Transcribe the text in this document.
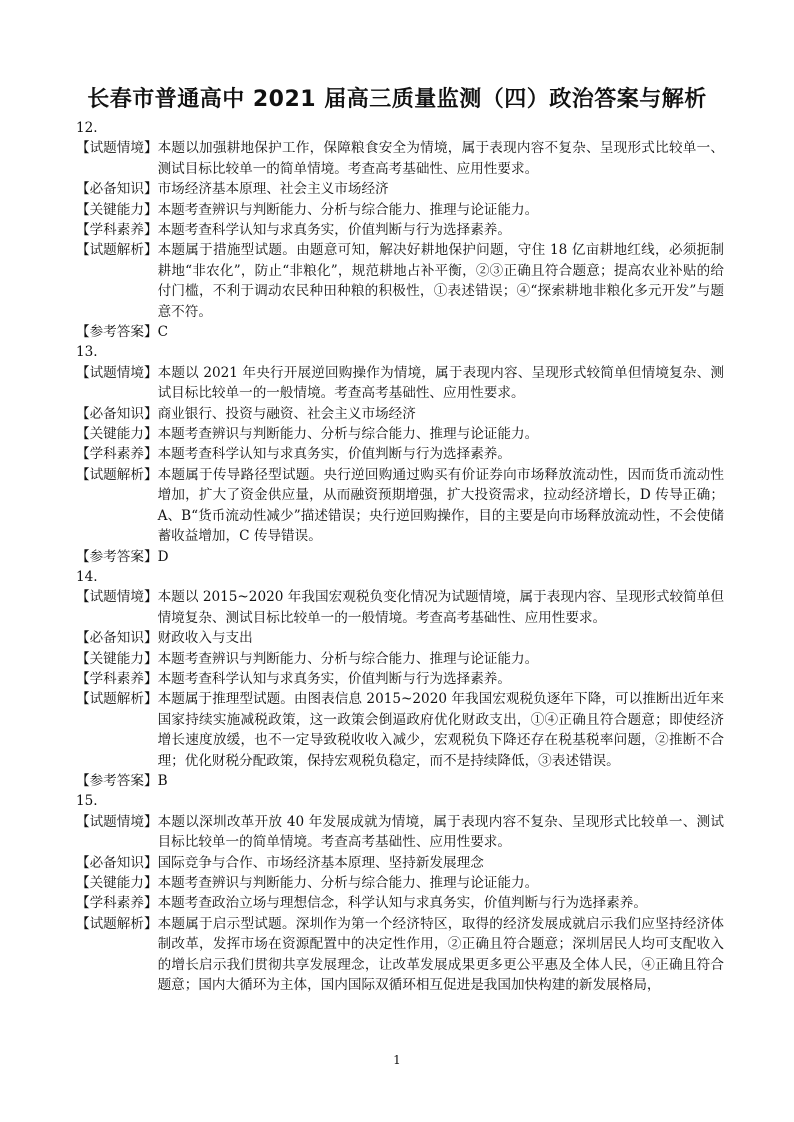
长春市普通高中 2021 届高三质量监测（四）政治答案与解析
12.
【试题情境】 本题以加强耕地保护工作，保障粮食安全为情境，属于表现内容不复杂、呈现形式比较单一、测试目标比较单一的简单情境。考查高考基础性、应用性要求。
【必备知识】 市场经济基本原理、社会主义市场经济
【关键能力】 本题考查辨识与判断能力、分析与综合能力、推理与论证能力。
【学科素养】 本题考查科学认知与求真务实，价值判断与行为选择素养。
【试题解析】 本题属于措施型试题。由题意可知，解决好耕地保护问题，守住 18 亿亩耕地红线，必须扼制耕地“非农化”，防止“非粮化”，规范耕地占补平衡，②③正确且符合题意；提高农业补贴的给付门槛，不利于调动农民种田种粮的积极性，①表述错误；④“探索耕地非粮化多元开发”与题意不符。
【参考答案】 C
13.
【试题情境】 本题以 2021 年央行开展逆回购操作为情境，属于表现内容、呈现形式较简单但情境复杂、测试目标比较单一的一般情境。考查高考基础性、应用性要求。
【必备知识】 商业银行、投资与融资、社会主义市场经济
【关键能力】 本题考查辨识与判断能力、分析与综合能力、推理与论证能力。
【学科素养】 本题考查科学认知与求真务实，价值判断与行为选择素养。
【试题解析】 本题属于传导路径型试题。央行逆回购通过购买有价证券向市场释放流动性，因而货币流动性增加，扩大了资金供应量，从而融资预期增强，扩大投资需求，拉动经济增长，D 传导正确；A、B“货币流动性减少”描述错误；央行逆回购操作，目的主要是向市场释放流动性，不会使储蓄收益增加，C 传导错误。
【参考答案】 D
14.
【试题情境】 本题以 2015~2020 年我国宏观税负变化情况为试题情境，属于表现内容、呈现形式较简单但情境复杂、测试目标比较单一的一般情境。考查高考基础性、应用性要求。
【必备知识】 财政收入与支出
【关键能力】 本题考查辨识与判断能力、分析与综合能力、推理与论证能力。
【学科素养】 本题考查科学认知与求真务实，价值判断与行为选择素养。
【试题解析】 本题属于推理型试题。由图表信息 2015~2020 年我国宏观税负逐年下降，可以推断出近年来国家持续实施减税政策，这一政策会倒逼政府优化财政支出，①④正确且符合题意；即使经济增长速度放缓，也不一定导致税收收入减少，宏观税负下降还存在税基税率问题，②推断不合理；优化财税分配政策，保持宏观税负稳定，而不是持续降低，③表述错误。
【参考答案】 B
15.
【试题情境】 本题以深圳改革开放 40 年发展成就为情境，属于表现内容不复杂、呈现形式比较单一、测试目标比较单一的简单情境。考查高考基础性、应用性要求。
【必备知识】 国际竞争与合作、市场经济基本原理、坚持新发展理念
【关键能力】 本题考查辨识与判断能力、分析与综合能力、推理与论证能力。
【学科素养】 本题考查政治立场与理想信念，科学认知与求真务实，价值判断与行为选择素养。
【试题解析】 本题属于启示型试题。深圳作为第一个经济特区，取得的经济发展成就启示我们应坚持经济体制改革，发挥市场在资源配置中的决定性作用，②正确且符合题意；深圳居民人均可支配收入的增长启示我们贯彻共享发展理念，让改革发展成果更多更公平惠及全体人民，④正确且符合题意；国内大循环为主体，国内国际双循环相互促进是我国加快构建的新发展格局，
1
